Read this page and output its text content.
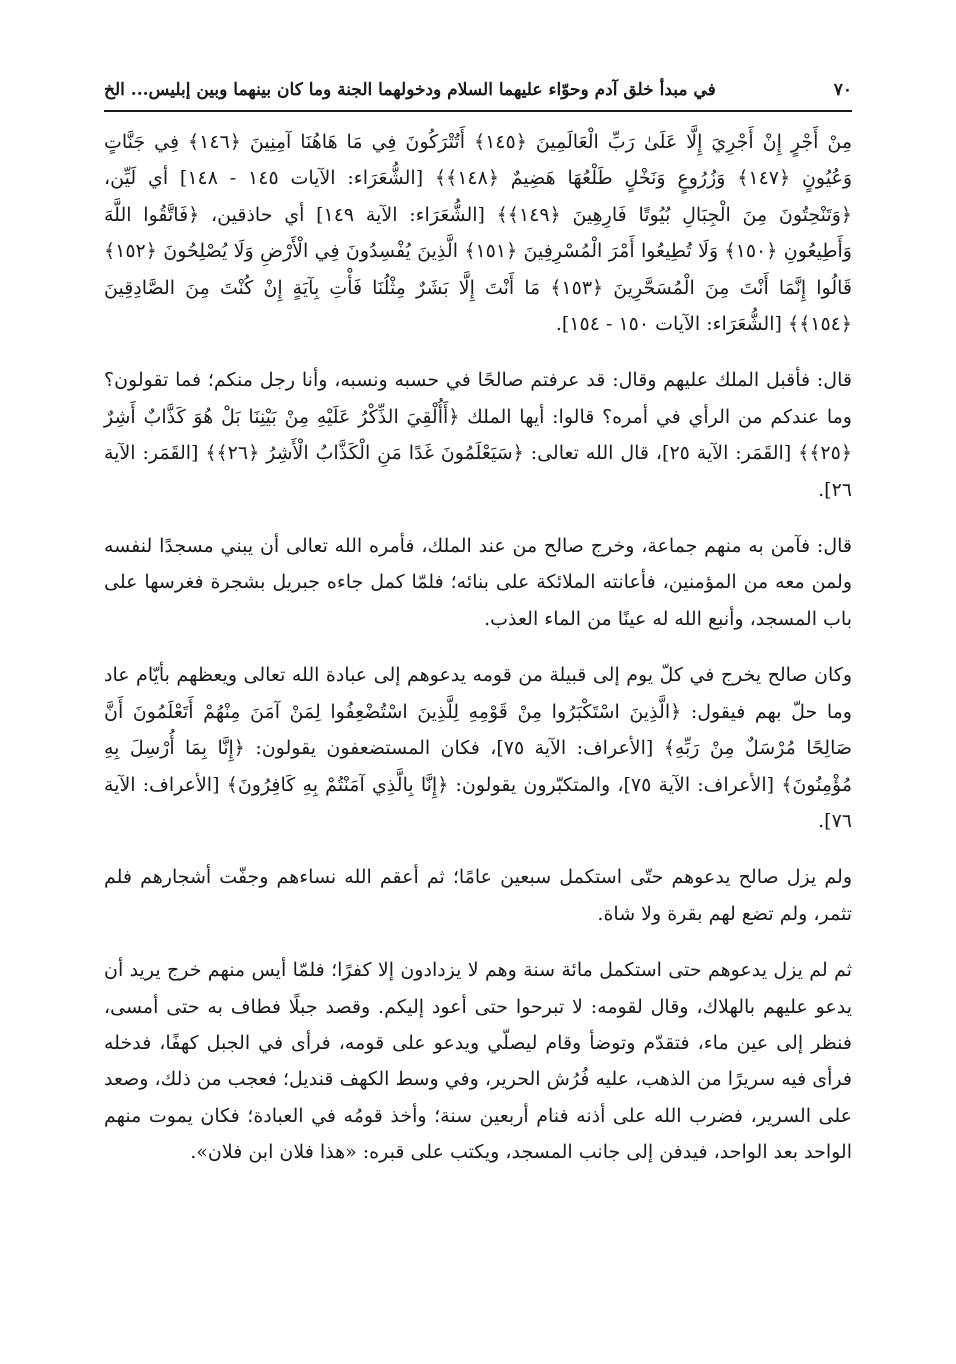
٧٠
في مبدأ خلق آدم وحوّاء عليهما السلام ودخولهما الجنة وما كان بينهما وبين إبليس... الخ

مِنْ أَجْرٍ إِنْ أَجْرِيَ إِلَّا عَلَىٰ رَبِّ الْعَالَمِينَ ﴿١٤٥﴾ أَتُتْرَكُونَ فِي مَا هَاهُنَا آمِنِينَ ﴿١٤٦﴾ فِي جَنَّاتٍ وَعُيُونٍ ﴿١٤٧﴾ وَزُرُوعٍ وَنَخْلٍ طَلْعُهَا هَضِيمٌ ﴿١٤٨﴾﴾ [الشُّعَرَاء: الآيات ١٤٥ - ١٤٨] أي لَيِّن، ﴿وَتَنْحِتُونَ مِنَ الْجِبَالِ بُيُوتًا فَارِهِينَ ﴿١٤٩﴾﴾ [الشُّعَرَاء: الآية ١٤٩] أي حاذقين، ﴿فَاتَّقُوا اللَّهَ وَأَطِيعُونِ ﴿١٥٠﴾ وَلَا تُطِيعُوا أَمْرَ الْمُسْرِفِينَ ﴿١٥١﴾ الَّذِينَ يُفْسِدُونَ فِي الْأَرْضِ وَلَا يُصْلِحُونَ ﴿١٥٢﴾ قَالُوا إِنَّمَا أَنْتَ مِنَ الْمُسَحَّرِينَ ﴿١٥٣﴾ مَا أَنْتَ إِلَّا بَشَرٌ مِثْلُنَا فَأْتِ بِآيَةٍ إِنْ كُنْتَ مِنَ الصَّادِقِينَ ﴿١٥٤﴾﴾ [الشُّعَرَاء: الآيات ١٥٠ - ١٥٤].

قال: فأقبل الملك عليهم وقال: قد عرفتم صالحًا في حسبه ونسبه، وأنا رجل منكم؛ فما تقولون؟ وما عندكم من الرأي في أمره؟ قالوا: أيها الملك ﴿أَأُلْقِيَ الذِّكْرُ عَلَيْهِ مِنْ بَيْنِنَا بَلْ هُوَ كَذَّابٌ أَشِرٌ ﴿٢٥﴾﴾ [القَمَر: الآية ٢٥]، قال الله تعالى: ﴿سَيَعْلَمُونَ غَدًا مَنِ الْكَذَّابُ الْأَشِرُ ﴿٢٦﴾﴾ [القَمَر: الآية ٢٦].

قال: فآمن به منهم جماعة، وخرج صالح من عند الملك، فأمره الله تعالى أن يبني مسجدًا لنفسه ولمن معه من المؤمنين، فأعانته الملائكة على بنائه؛ فلمّا كمل جاءه جبريل بشجرة فغرسها على باب المسجد، وأنبع الله له عينًا من الماء العذب.

وكان صالح يخرج في كلّ يوم إلى قبيلة من قومه يدعوهم إلى عبادة الله تعالى ويعظهم بأيّام عاد وما حلّ بهم فيقول: ﴿الَّذِينَ اسْتَكْبَرُوا مِنْ قَوْمِهِ لِلَّذِينَ اسْتُضْعِفُوا لِمَنْ آمَنَ مِنْهُمْ أَتَعْلَمُونَ أَنَّ صَالِحًا مُرْسَلٌ مِنْ رَبِّهِ﴾ [الأعراف: الآية ٧٥]، فكان المستضعفون يقولون: ﴿إِنَّا بِمَا أُرْسِلَ بِهِ مُؤْمِنُونَ﴾ [الأعراف: الآية ٧٥]، والمتكبّرون يقولون: ﴿إِنَّا بِالَّذِي آمَنْتُمْ بِهِ كَافِرُونَ﴾ [الأعراف: الآية ٧٦].

ولم يزل صالح يدعوهم حتّى استكمل سبعين عامًا؛ ثم أعقم الله نساءهم وجفّت أشجارهم فلم تثمر، ولم تضع لهم بقرة ولا شاة.

ثم لم يزل يدعوهم حتى استكمل مائة سنة وهم لا يزدادون إلا كفرًا؛ فلمّا أيس منهم خرج يريد أن يدعو عليهم بالهلاك، وقال لقومه: لا تبرحوا حتى أعود إليكم. وقصد جبلًا فطاف به حتى أمسى، فنظر إلى عين ماء، فتقدّم وتوضأ وقام ليصلّي ويدعو على قومه، فرأى في الجبل كهفًا، فدخله فرأى فيه سريرًا من الذهب، عليه فُرُش الحرير، وفي وسط الكهف قنديل؛ فعجب من ذلك، وصعد على السرير، فضرب الله على أذنه فنام أربعين سنة؛ وأخذ قومُه في العبادة؛ فكان يموت منهم الواحد بعد الواحد، فيدفن إلى جانب المسجد، ويكتب على قبره: «هذا فلان ابن فلان».
